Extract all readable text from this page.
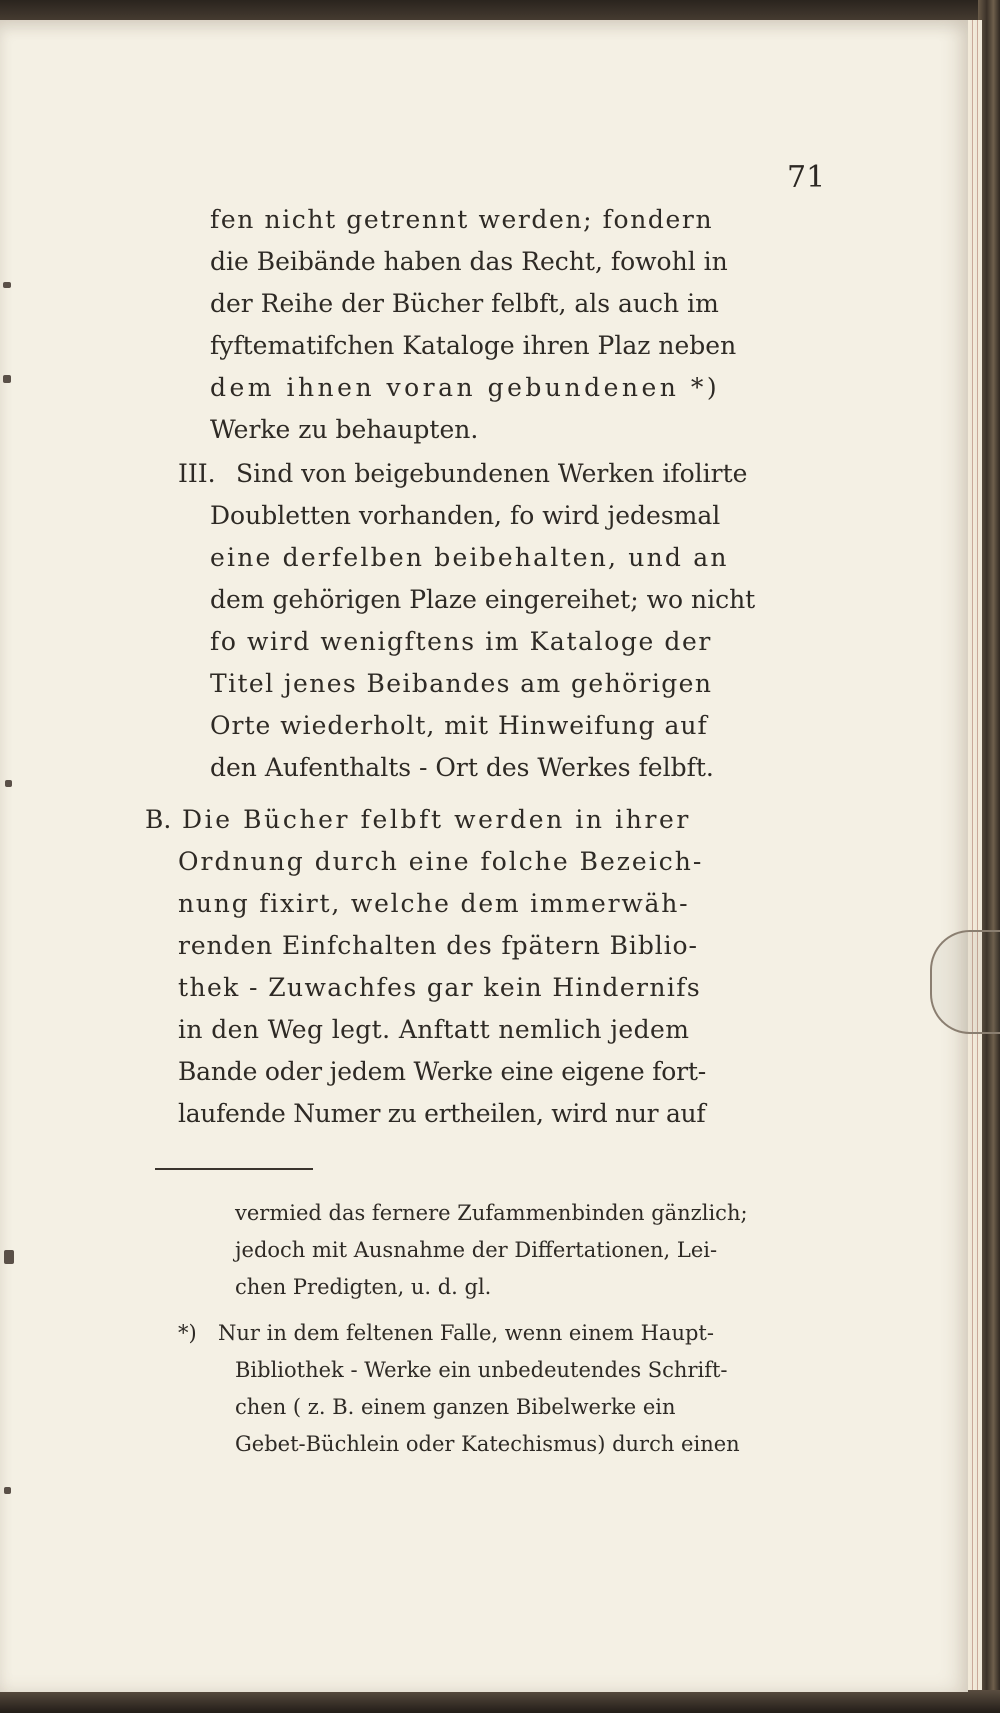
71
fen nicht getrennt werden; fondern
die Beibände haben das Recht, fowohl in
der Reihe der Bücher felbft, als auch im
fyftematifchen Kataloge ihren Plaz neben
dem ihnen voran gebundenen *)
Werke zu behaupten.
III. Sind von beigebundenen Werken ifolirte
Doubletten vorhanden, fo wird jedesmal
eine derfelben beibehalten, und an
dem gehörigen Plaze eingereihet; wo nicht
fo wird wenigftens im Kataloge der
Titel jenes Beibandes am gehörigen
Orte wiederholt, mit Hinweifung auf
den Aufenthalts - Ort des Werkes felbft.
B. Die Bücher felbft werden in ihrer
Ordnung durch eine folche Bezeich-
nung fixirt, welche dem immerwäh-
renden Einfchalten des fpätern Biblio-
thek - Zuwachfes gar kein Hindernifs
in den Weg legt. Anftatt nemlich jedem
Bande oder jedem Werke eine eigene fort-
laufende Numer zu ertheilen, wird nur auf
vermied das fernere Zufammenbinden gänzlich;
jedoch mit Ausnahme der Differtationen, Lei-
chen Predigten, u. d. gl.
*) Nur in dem feltenen Falle, wenn einem Haupt-
Bibliothek - Werke ein unbedeutendes Schrift-
chen ( z. B. einem ganzen Bibelwerke ein
Gebet-Büchlein oder Katechismus) durch einen
